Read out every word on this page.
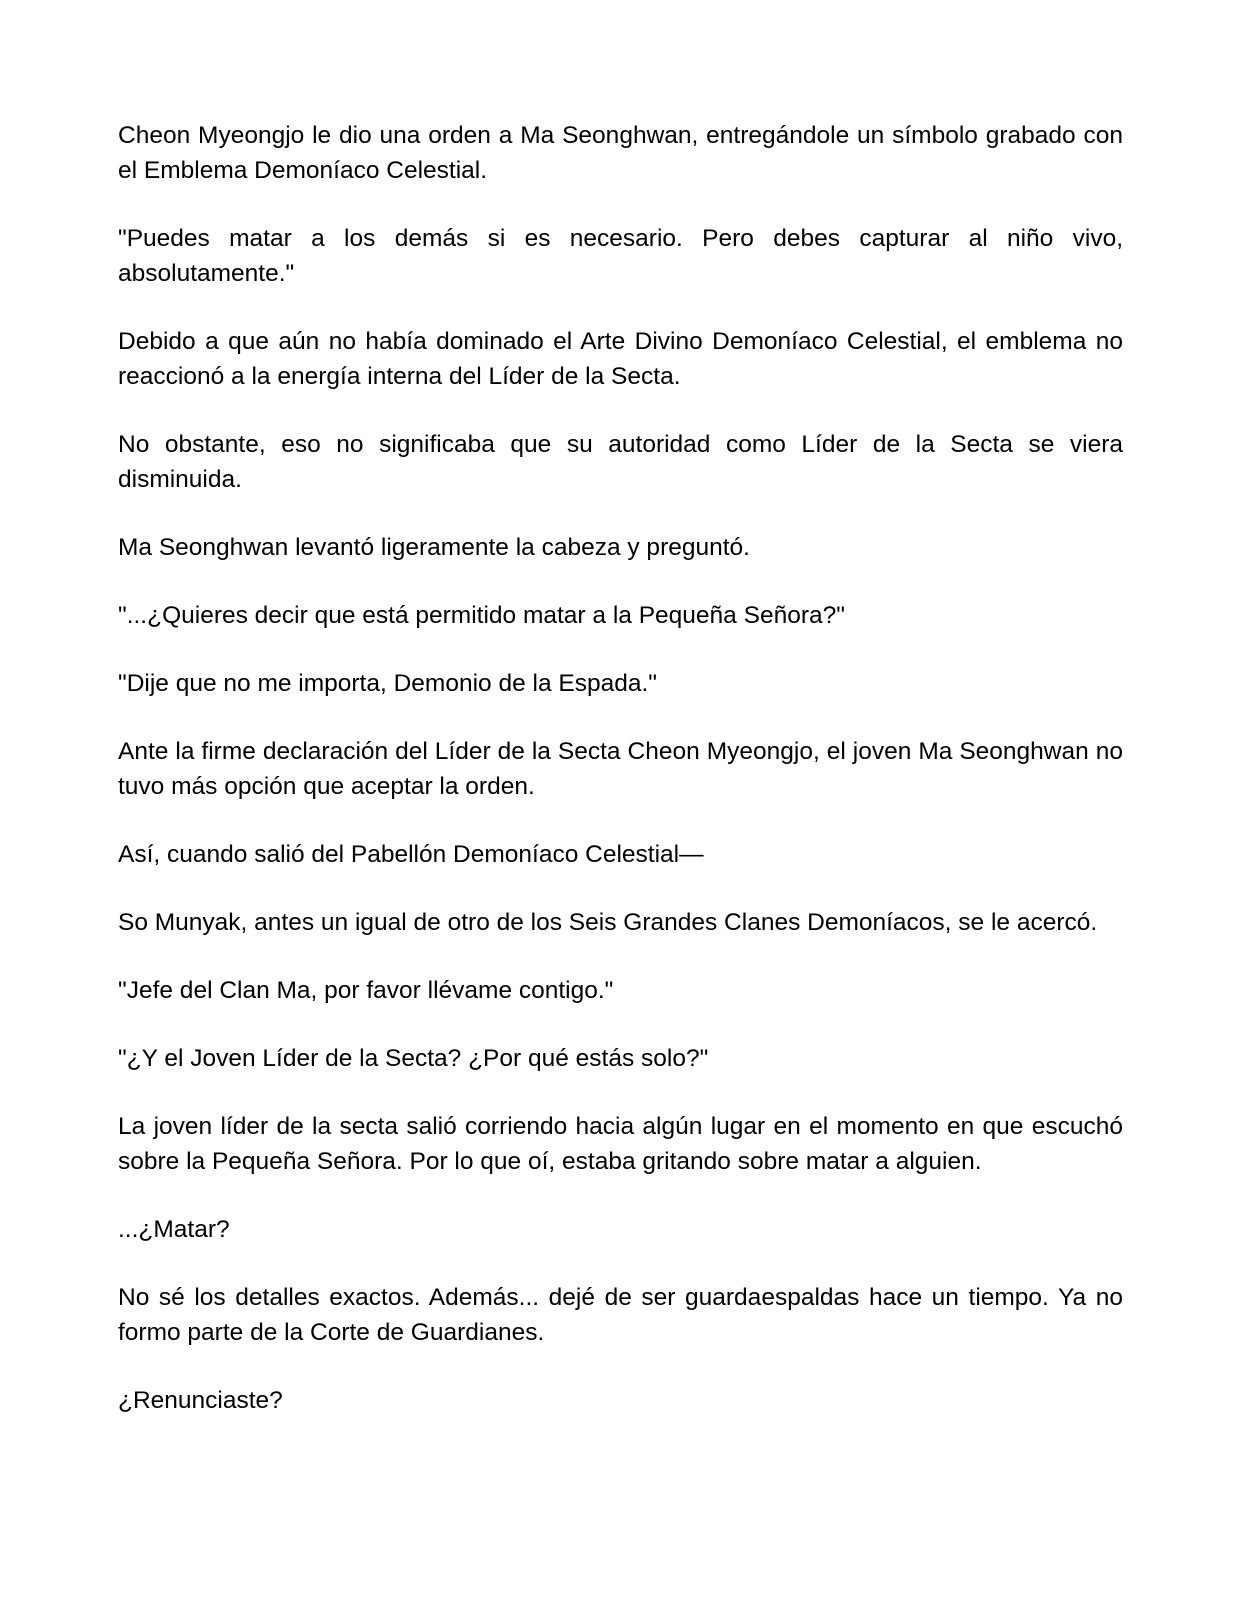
Cheon Myeongjo le dio una orden a Ma Seonghwan, entregándole un símbolo grabado con el Emblema Demoníaco Celestial.

"Puedes matar a los demás si es necesario. Pero debes capturar al niño vivo, absolutamente."

Debido a que aún no había dominado el Arte Divino Demoníaco Celestial, el emblema no reaccionó a la energía interna del Líder de la Secta.

No obstante, eso no significaba que su autoridad como Líder de la Secta se viera disminuida.

Ma Seonghwan levantó ligeramente la cabeza y preguntó.

"...¿Quieres decir que está permitido matar a la Pequeña Señora?"

"Dije que no me importa, Demonio de la Espada."

Ante la firme declaración del Líder de la Secta Cheon Myeongjo, el joven Ma Seonghwan no tuvo más opción que aceptar la orden.

Así, cuando salió del Pabellón Demoníaco Celestial—

So Munyak, antes un igual de otro de los Seis Grandes Clanes Demoníacos, se le acercó.

"Jefe del Clan Ma, por favor llévame contigo."

"¿Y el Joven Líder de la Secta? ¿Por qué estás solo?"

La joven líder de la secta salió corriendo hacia algún lugar en el momento en que escuchó sobre la Pequeña Señora. Por lo que oí, estaba gritando sobre matar a alguien.

...¿Matar?

No sé los detalles exactos. Además... dejé de ser guardaespaldas hace un tiempo. Ya no formo parte de la Corte de Guardianes.

¿Renunciaste?
